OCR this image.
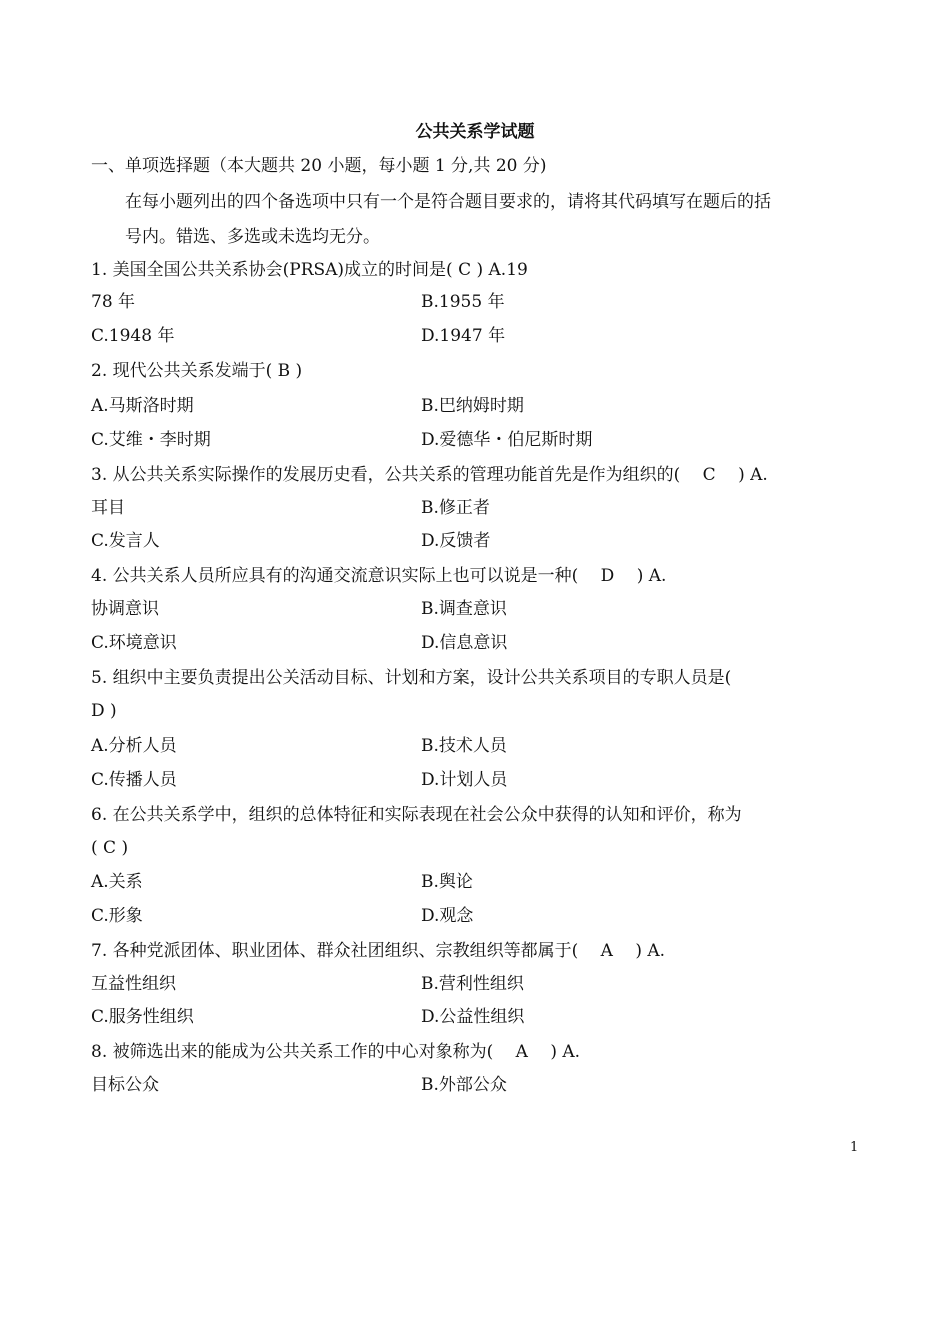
公共关系学试题
一、单项选择题（本大题共 20 小题，每小题 1 分,共 20 分)
在每小题列出的四个备选项中只有一个是符合题目要求的，请将其代码填写在题后的括
号内。错选、多选或未选均无分。
1. 美国全国公共关系协会(PRSA)成立的时间是( C ) A.19
78 年	B.1955 年
C.1948 年	D.1947 年
2. 现代公共关系发端于( B )
A.马斯洛时期	B.巴纳姆时期
C.艾维・李时期	D.爱德华・伯尼斯时期
3. 从公共关系实际操作的发展历史看，公共关系的管理功能首先是作为组织的(　 C 　) A.
耳目	B.修正者
C.发言人	D.反馈者
4. 公共关系人员所应具有的沟通交流意识实际上也可以说是一种(　 D 　) A.
协调意识	B.调查意识
C.环境意识	D.信息意识
5. 组织中主要负责提出公关活动目标、计划和方案，设计公共关系项目的专职人员是(
D )
A.分析人员	B.技术人员
C.传播人员	D.计划人员
6. 在公共关系学中，组织的总体特征和实际表现在社会公众中获得的认知和评价，称为
( C )
A.关系	B.舆论
C.形象	D.观念
7. 各种党派团体、职业团体、群众社团组织、宗教组织等都属于(　 A 　) A.
互益性组织	B.营利性组织
C.服务性组织	D.公益性组织
8. 被筛选出来的能成为公共关系工作的中心对象称为(　 A 　) A.
目标公众	B.外部公众
1
